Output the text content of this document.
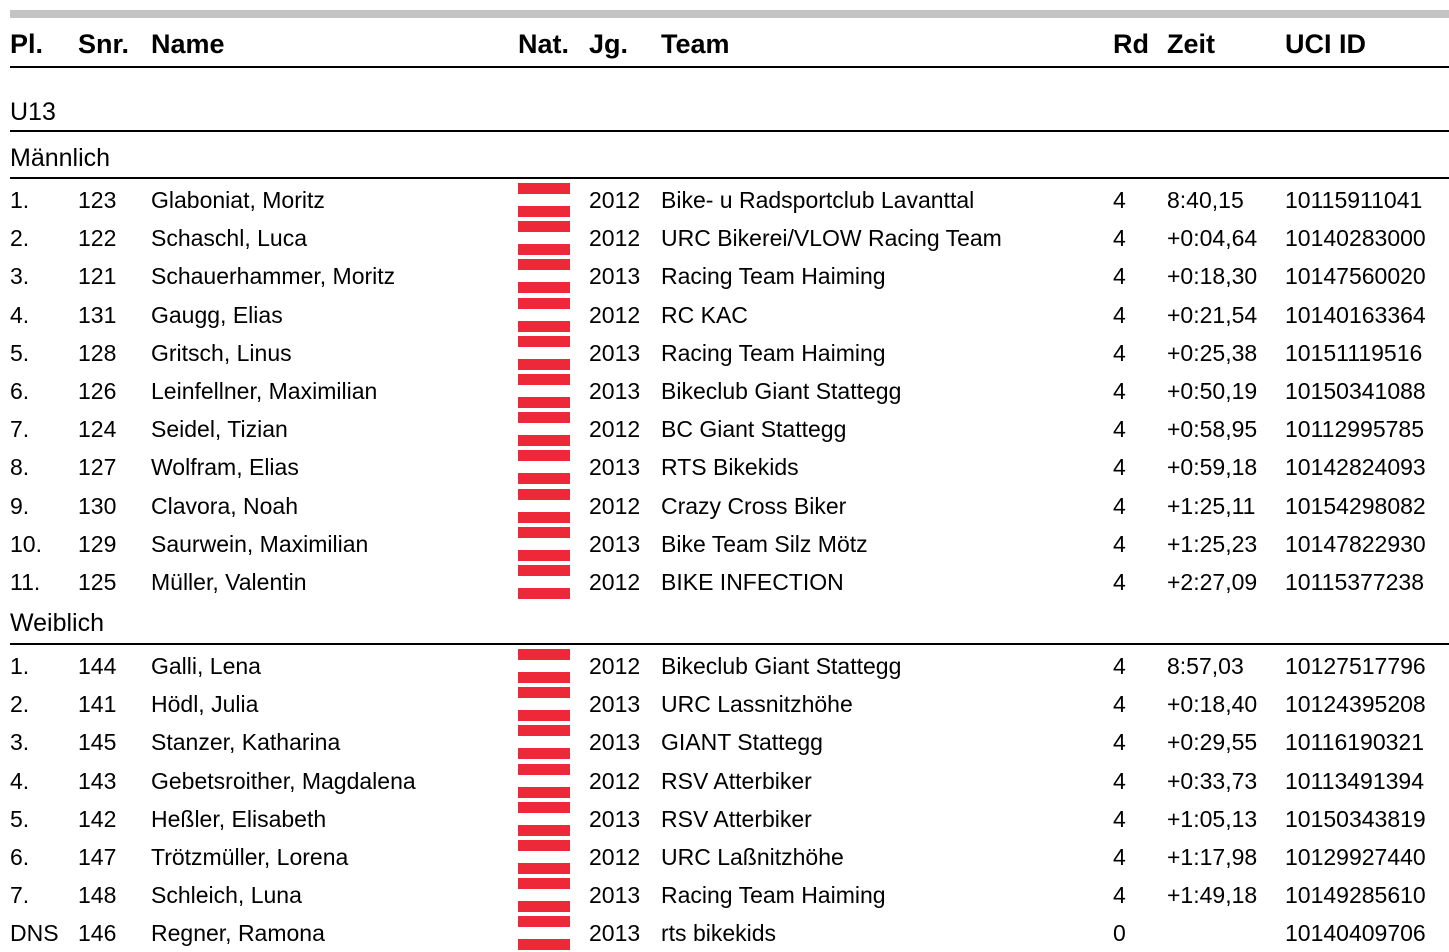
Pl. Snr. Name	Nat. Jg. Team	Rd Zeit	UCI ID
U13
Männlich
1. 123 Glaboniat, Moritz	2012 Bike- u Radsportclub Lavanttal	4 8:40,15 10115911041
2. 122 Schaschl, Luca	2012 URC Bikerei/VLOW Racing Team	4 +0:04,64 10140283000
3. 121 Schauerhammer, Moritz	2013 Racing Team Haiming	4 +0:18,30 10147560020
4. 131 Gaugg, Elias	2012 RC KAC	4 +0:21,54 10140163364
5. 128 Gritsch, Linus	2013 Racing Team Haiming	4 +0:25,38 10151119516
6. 126 Leinfellner, Maximilian	2013 Bikeclub Giant Stattegg	4 +0:50,19 10150341088
7. 124 Seidel, Tizian	2012 BC Giant Stattegg	4 +0:58,95 10112995785
8. 127 Wolfram, Elias	2013 RTS Bikekids	4 +0:59,18 10142824093
9. 130 Clavora, Noah	2012 Crazy Cross Biker	4 +1:25,11 10154298082
10. 129 Saurwein, Maximilian	2013 Bike Team Silz Mötz	4 +1:25,23 10147822930
11. 125 Müller, Valentin	2012 BIKE INFECTION	4 +2:27,09 10115377238
Weiblich
1. 144 Galli, Lena	2012 Bikeclub Giant Stattegg	4 8:57,03 10127517796
2. 141 Hödl, Julia	2013 URC Lassnitzhöhe	4 +0:18,40 10124395208
3. 145 Stanzer, Katharina	2013 GIANT Stattegg	4 +0:29,55 10116190321
4. 143 Gebetsroither, Magdalena	2012 RSV Atterbiker	4 +0:33,73 10113491394
5. 142 Heßler, Elisabeth	2013 RSV Atterbiker	4 +1:05,13 10150343819
6. 147 Trötzmüller, Lorena	2012 URC Laßnitzhöhe	4 +1:17,98 10129927440
7. 148 Schleich, Luna	2013 Racing Team Haiming	4 +1:49,18 10149285610
DNS 146 Regner, Ramona	2013 rts bikekids	0	10140409706
